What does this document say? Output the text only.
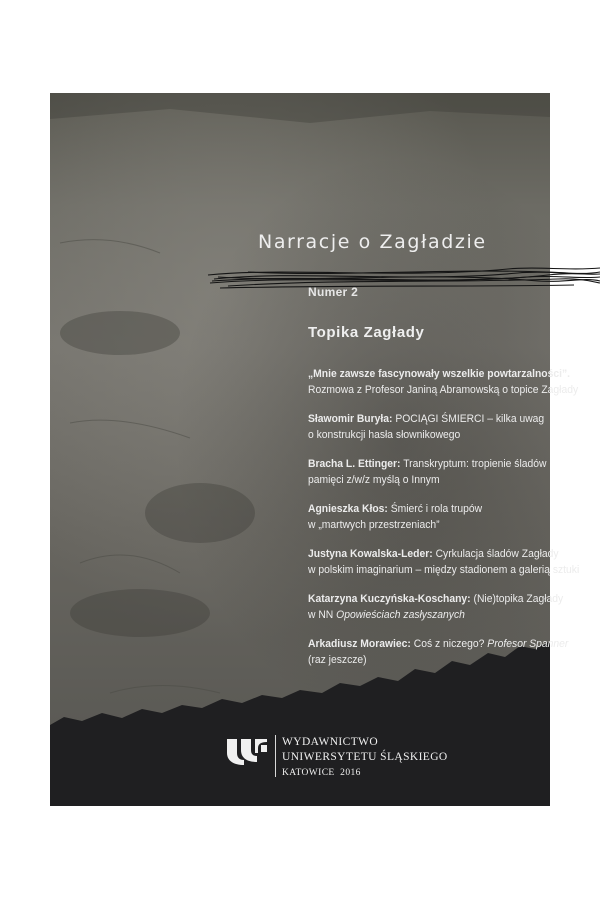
Narracje o Zagładzie
Numer 2
Topika Zagłady
„Mnie zawsze fascynowały wszelkie powtarzalności”.
Rozmowa z Profesor Janiną Abramowską o topice Zagłady
Sławomir Buryła: POCIĄGI ŚMIERCI – kilka uwag
o konstrukcji hasła słownikowego
Bracha L. Ettinger: Transkryptum: tropienie śladów
pamięci z/w/z myślą o Innym
Agnieszka Kłos: Śmierć i rola trupów
w „martwych przestrzeniach”
Justyna Kowalska-Leder: Cyrkulacja śladów Zagłady
w polskim imaginarium – między stadionem a galerią sztuki
Katarzyna Kuczyńska-Koschany: (Nie)topika Zagłady
w NN Opowieściach zasłyszanych
Arkadiusz Morawiec: Coś z niczego? Profesor Spanner
(raz jeszcze)
WYDAWNICTWO
UNIWERSYTETU ŚLĄSKIEGO
KATOWICE  2016
